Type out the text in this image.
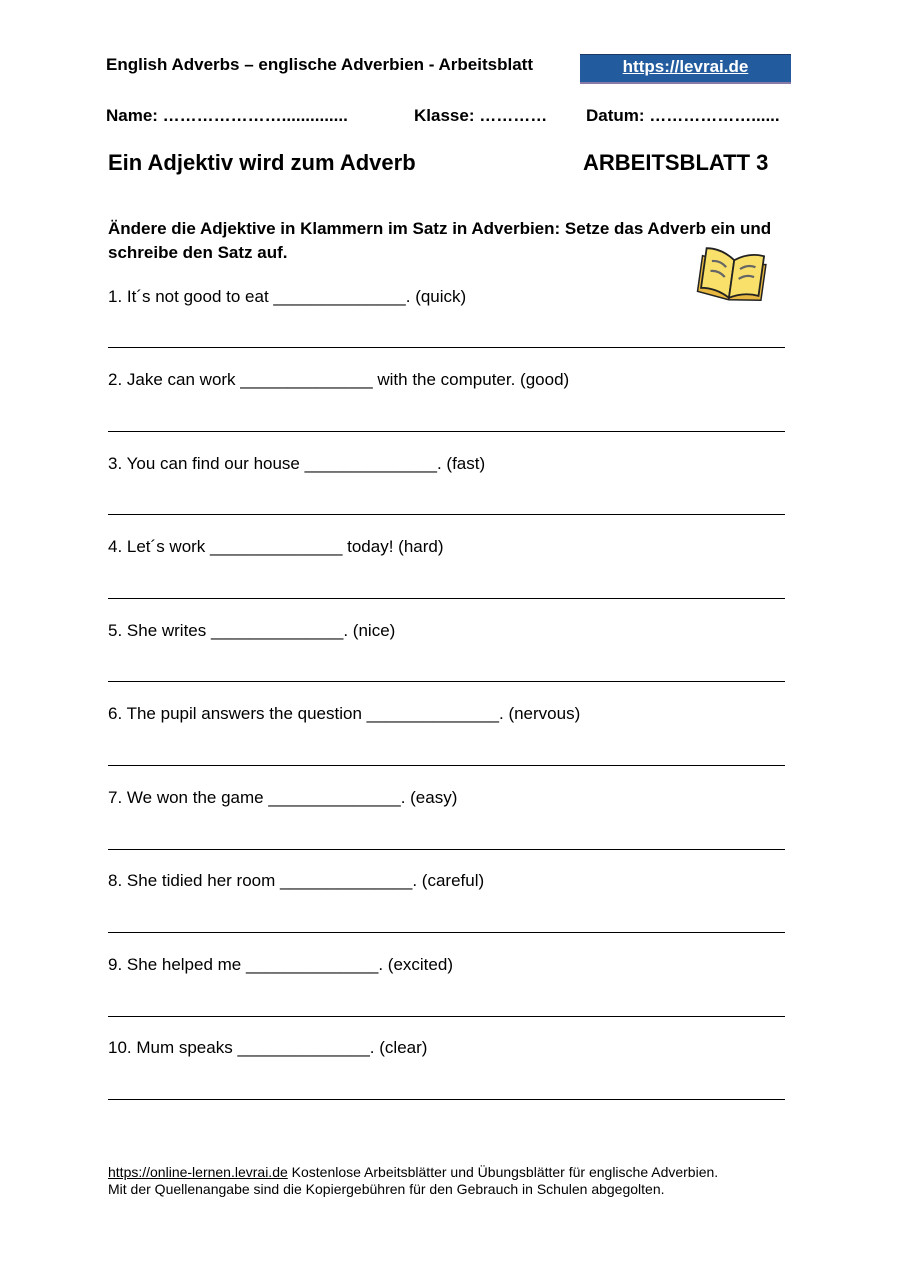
English Adverbs – englische Adverbien - Arbeitsblatt	https://levrai.de
Name: …………………..............	Klasse: ………… Datum: ………………......
Ein Adjektiv wird zum Adverb	ARBEITSBLATT 3
Ändere die Adjektive in Klammern im Satz in Adverbien: Setze das Adverb ein und schreibe den Satz auf.
1. It´s not good to eat ______________. (quick)
2. Jake can work ______________ with the computer. (good)
3. You can find our house ______________. (fast)
4. Let´s work ______________ today! (hard)
5. She writes ______________. (nice)
6. The pupil answers the question ______________. (nervous)
7. We won the game ______________. (easy)
8. She tidied her room ______________. (careful)
9. She helped me ______________. (excited)
10. Mum speaks ______________. (clear)
https://online-lernen.levrai.de Kostenlose Arbeitsblätter und Übungsblätter für englische Adverbien.
Mit der Quellenangabe sind die Kopiergebühren für den Gebrauch in Schulen abgegolten.
